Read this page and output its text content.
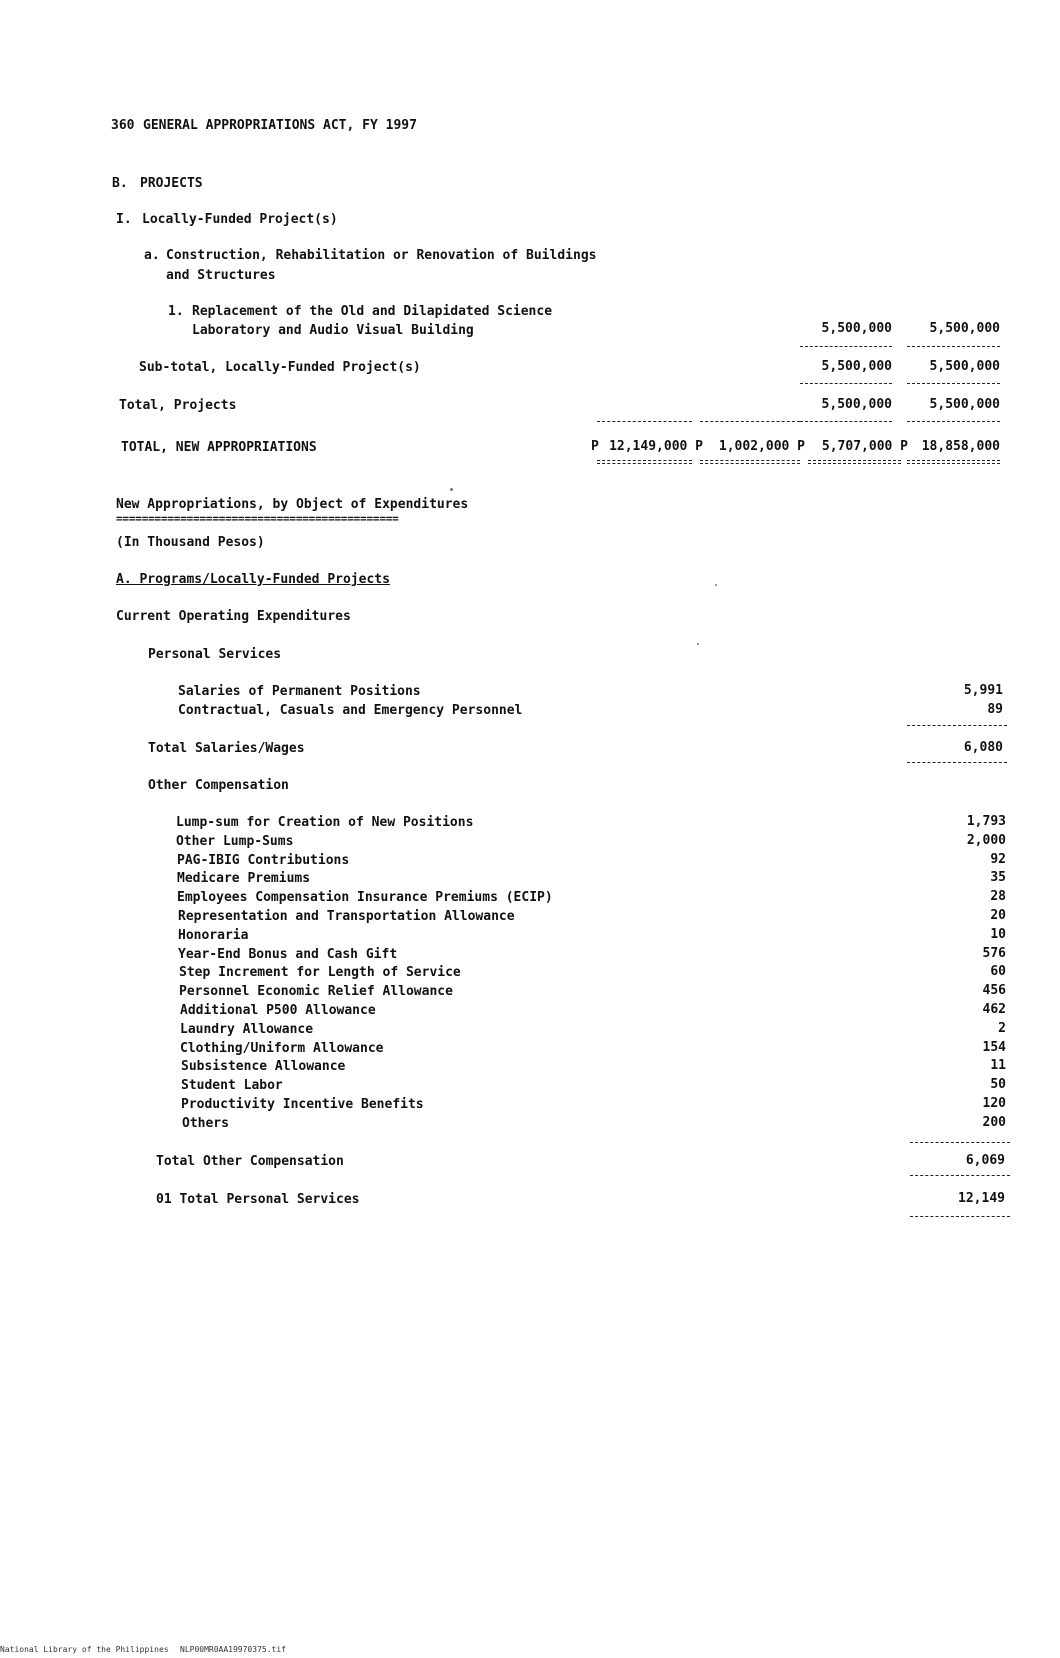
360 GENERAL APPROPRIATIONS ACT, FY 1997
B. PROJECTS
I. Locally-Funded Project(s)
a. Construction, Rehabilitation or Renovation of Buildings
and Structures
1. Replacement of the Old and Dilapidated Science
Laboratory and Audio Visual Building	5,500,000	5,500,000
Sub-total, Locally-Funded Project(s)	5,500,000	5,500,000
Total, Projects	5,500,000	5,500,000
TOTAL, NEW APPROPRIATIONS	P 12,149,000 P	1,002,000 P	5,707,000 P	18,858,000
New Appropriations, by Object of Expenditures
============================================
(In Thousand Pesos)
A. Programs/Locally-Funded Projects
Current Operating Expenditures
Personal Services
Salaries of Permanent Positions	5,991
Contractual, Casuals and Emergency Personnel	89
Total Salaries/Wages	6,080
Other Compensation
Lump-sum for Creation of New Positions	1,793
Other Lump-Sums	2,000
PAG-IBIG Contributions	92
Medicare Premiums	35
Employees Compensation Insurance Premiums (ECIP)	28
Representation and Transportation Allowance	20
Honoraria	10
Year-End Bonus and Cash Gift	576
Step Increment for Length of Service	60
Personnel Economic Relief Allowance	456
Additional P500 Allowance	462
Laundry Allowance	2
Clothing/Uniform Allowance	154
Subsistence Allowance	11
Student Labor	50
Productivity Incentive Benefits	120
Others	200
Total Other Compensation	6,069
01 Total Personal Services	12,149
National Library of the Philippines NLP00MR0AA19970375.tif
